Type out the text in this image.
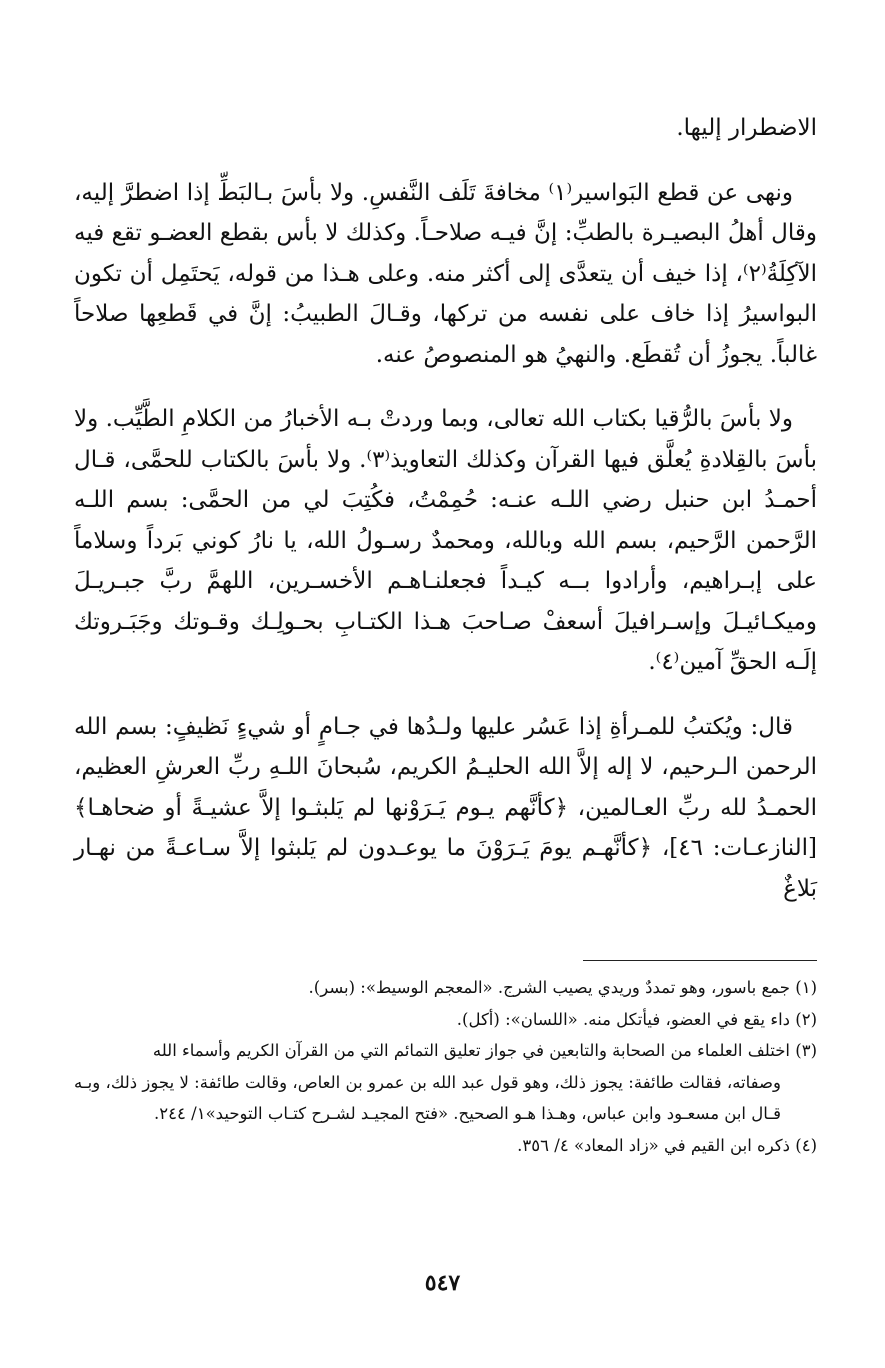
الاضطرار إليها.

ونهى عن قطع البَواسير⁽١⁾ مخافةَ تَلَف النَّفسِ. ولا بأسَ بـالبَطِّ إذا اضطرَّ إليه، وقال أهلُ البصيـرة بالطبِّ: إنَّ فيـه صلاحـاً. وكذلك لا بأس بقطع العضـو تقع فيه الآكِلَةُ⁽٢⁾، إذا خيف أن يتعدَّى إلى أكثر منه. وعلى هـذا من قوله، يَحتَمِل أن تكون البواسيرُ إذا خاف على نفسه من تركها، وقـالَ الطبيبُ: إنَّ في قَطعِها صلاحاً غالباً. يجوزُ أن تُقطَع. والنهيُ هو المنصوصُ عنه.

ولا بأسَ بالرُّقيا بكتاب الله تعالى، وبما وردتْ بـه الأخبارُ من الكلامِ الطَّيِّب. ولا بأسَ بالقِلادةِ يُعلَّق فيها القرآن وكذلك التعاويذ⁽٣⁾. ولا بأسَ بالكتاب للحمَّى، قـال أحمـدُ ابن حنبل رضي اللـه عنـه: حُمِمْتُ، فكُتِبَ لي من الحمَّى: بسم اللـه الرَّحمن الرَّحيم، بسم الله وبالله، ومحمدٌ رسـولُ الله، يا نارُ كوني بَرداً وسلاماً على إبـراهيم، وأرادوا بــه كيـداً فجعلنـاهـم الأخسـرين، اللهمَّ ربَّ جبـريـلَ وميكـائيـلَ وإسـرافيلَ أسعفْ صـاحبَ هـذا الكتـابِ بحـولِـك وقـوتك وجَبَـروتك إلَـه الحقِّ آمين⁽٤⁾.

قال: ويُكتبُ للمـرأةِ إذا عَسُر عليها ولـدُها في جـامٍ أو شيءٍ نَظيفٍ: بسم الله الرحمن الـرحيم، لا إله إلاَّ الله الحليـمُ الكريم، سُبحانَ اللـهِ ربِّ العرشِ العظيم، الحمـدُ لله ربِّ العـالمين، ﴿كأنَّهم يـوم يَـرَوْنها لم يَلبثـوا إلاَّ عشيـةً أو ضحاهـا﴾ [النازعـات: ٤٦]، ﴿كأنَّهـم يومَ يَـرَوْنَ ما يوعـدون لم يَلبثوا إلاَّ سـاعـةً من نهـار بَلاغٌ

(١) جمع باسور، وهو تمددٌ وريدي يصيب الشرج. «المعجم الوسيط»: (بسر).

(٢) داء يقع في العضو، فيأتكل منه. «اللسان»: (أكل).

(٣) اختلف العلماء من الصحابة والتابعين في جواز تعليق التمائم التي من القرآن الكريم وأسماء الله

وصفاته، فقالت طائفة: يجوز ذلك، وهو قول عبد الله بن عمرو بن العاص، وقالت طائفة: لا يجوز ذلك، وبـه قـال ابن مسعـود وابن عباس، وهـذا هـو الصحيح. «فتح المجيـد لشـرح كتـاب التوحيد»١/ ٢٤٤.

(٤) ذكره ابن القيم في «زاد المعاد» ٤/ ٣٥٦.

٥٤٧
